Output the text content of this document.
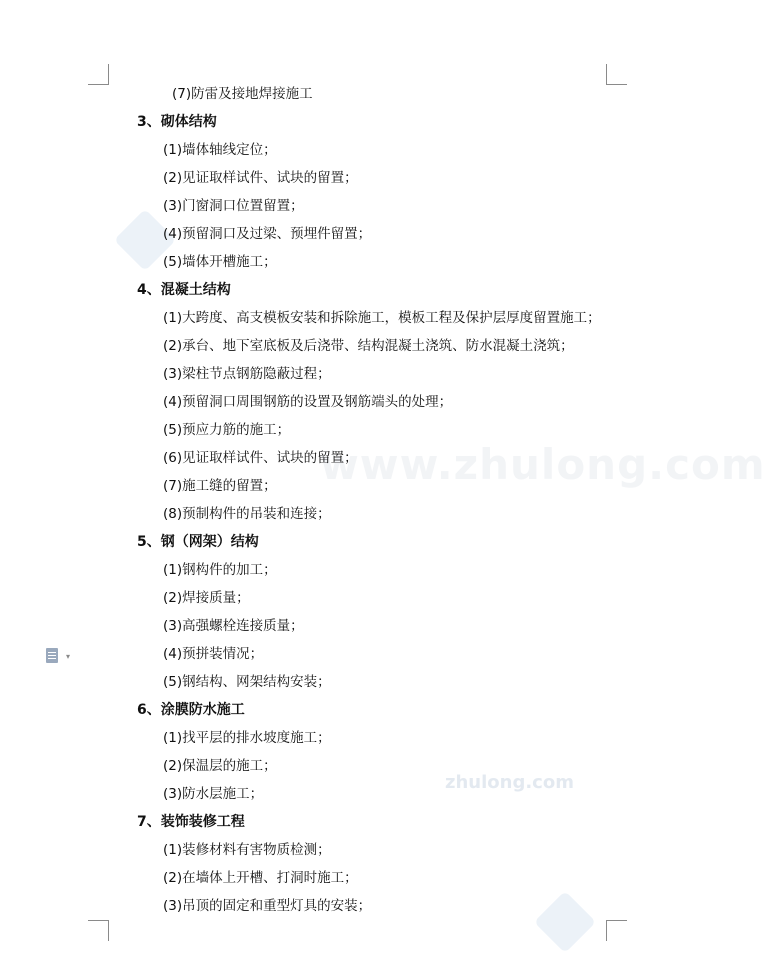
www.zhulong.com
zhulong.com
(7)防雷及接地焊接施工
3、砌体结构
(1)墙体轴线定位；
(2)见证取样试件、试块的留置；
(3)门窗洞口位置留置；
(4)预留洞口及过梁、预埋件留置；
(5)墙体开槽施工；
4、混凝土结构
(1)大跨度、高支模板安装和拆除施工，模板工程及保护层厚度留置施工；
(2)承台、地下室底板及后浇带、结构混凝土浇筑、防水混凝土浇筑；
(3)梁柱节点钢筋隐蔽过程；
(4)预留洞口周围钢筋的设置及钢筋端头的处理；
(5)预应力筋的施工；
(6)见证取样试件、试块的留置；
(7)施工缝的留置；
(8)预制构件的吊装和连接；
5、钢（网架）结构
(1)钢构件的加工；
(2)焊接质量；
(3)高强螺栓连接质量；
(4)预拼装情况；
(5)钢结构、网架结构安装；
6、涂膜防水施工
(1)找平层的排水坡度施工；
(2)保温层的施工；
(3)防水层施工；
7、装饰装修工程
(1)装修材料有害物质检测；
(2)在墙体上开槽、打洞时施工；
(3)吊顶的固定和重型灯具的安装；
▾
